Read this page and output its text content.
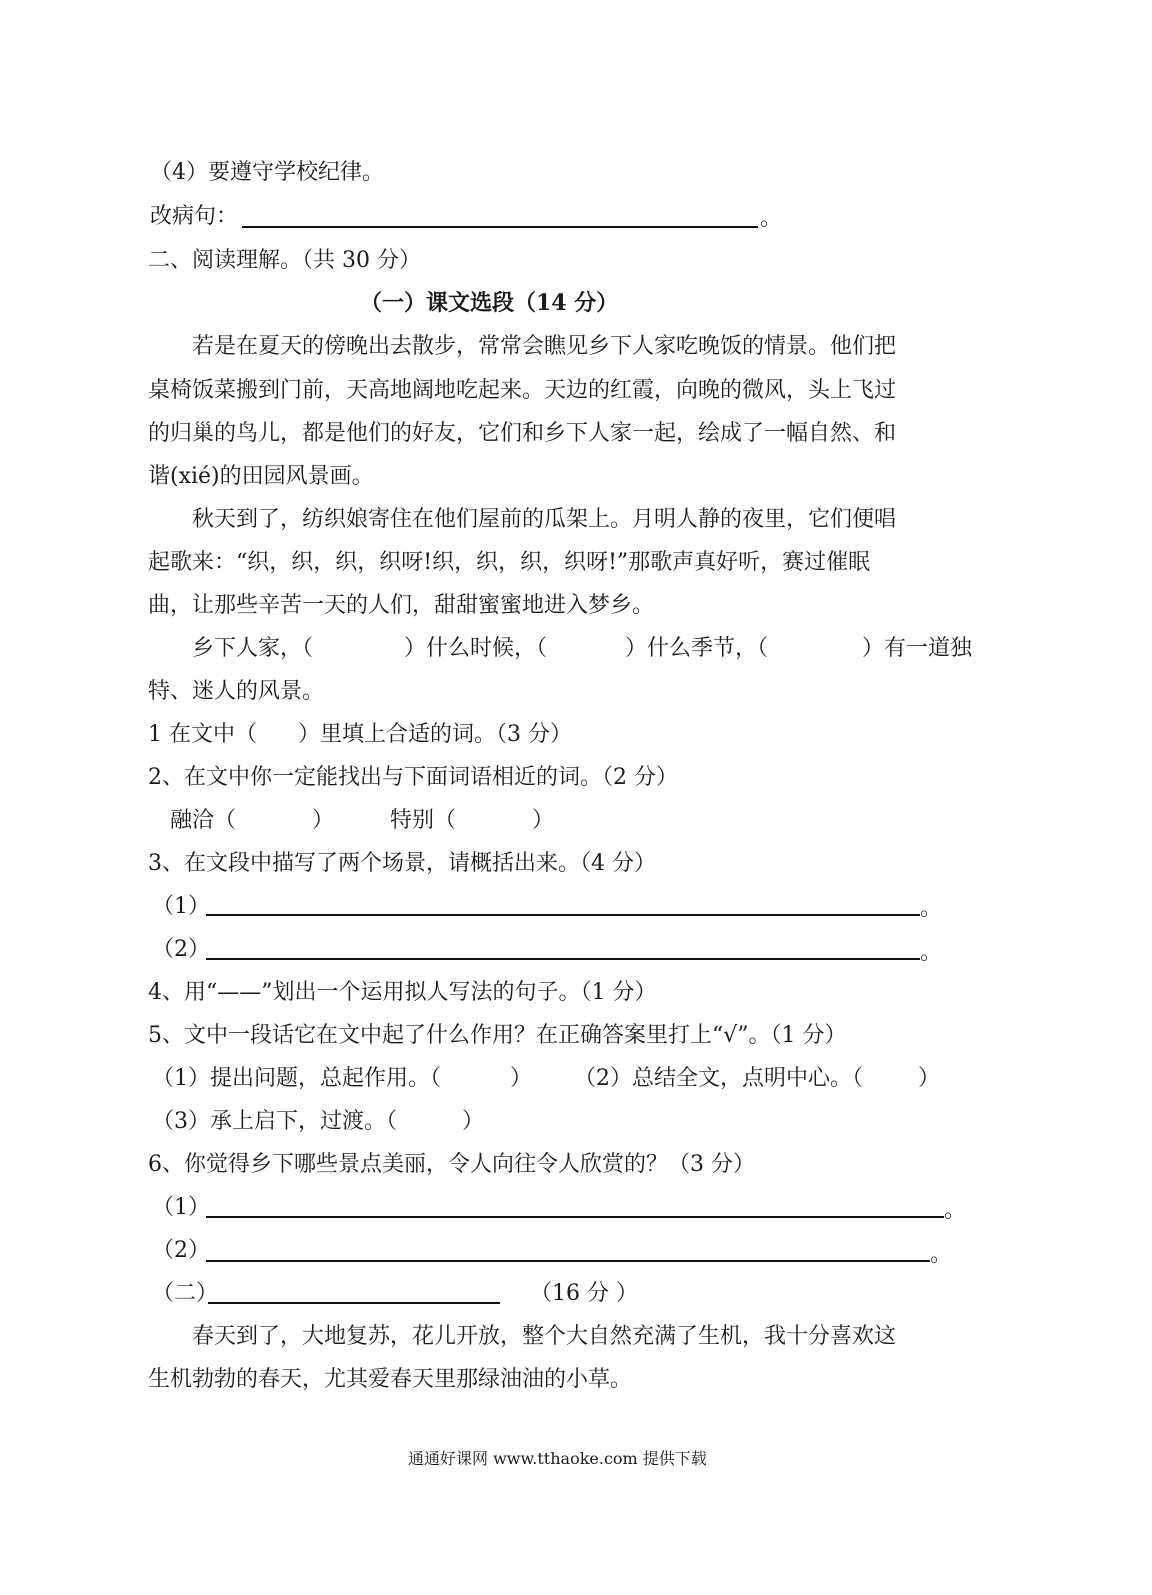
（4）要遵守学校纪律。
改病句：	。
二、阅读理解。（共 30 分）
（一）课文选段（14 分）
若是在夏天的傍晚出去散步，常常会瞧见乡下人家吃晚饭的情景。他们把
桌椅饭菜搬到门前，天高地阔地吃起来。天边的红霞，向晚的微风，头上飞过
的归巢的鸟儿，都是他们的好友，它们和乡下人家一起，绘成了一幅自然、和
谐(xié)的田园风景画。
秋天到了，纺织娘寄住在他们屋前的瓜架上。月明人静的夜里，它们便唱
起歌来：“织，织，织，织呀!织，织，织，织呀!”那歌声真好听，赛过催眠
曲，让那些辛苦一天的人们，甜甜蜜蜜地进入梦乡。
乡下人家，（	）什么时候，（	）什么季节，（	）有一道独
特、迷人的风景。
1 在文中（ ）里填上合适的词。（3 分）
2、在文中你一定能找出与下面词语相近的词。（2 分）
融洽（	）	特别（	）
3、在文段中描写了两个场景，请概括出来。（4 分）
（1）	。
（2）	。
4、用“——”划出一个运用拟人写法的句子。（1 分）
5、文中一段话它在文中起了什么作用？在正确答案里打上“√”。（1 分）
（1）提出问题，总起作用。（	） （2）总结全文，点明中心。（	）
（3）承上启下，过渡。（	）
6、你觉得乡下哪些景点美丽，令人向往令人欣赏的？（3 分）
（1）	。
（2）	。
（二）	（16 分 ）
春天到了，大地复苏，花儿开放，整个大自然充满了生机，我十分喜欢这
生机勃勃的春天，尤其爱春天里那绿油油的小草。
通通好课网 www.tthaoke.com 提供下载
